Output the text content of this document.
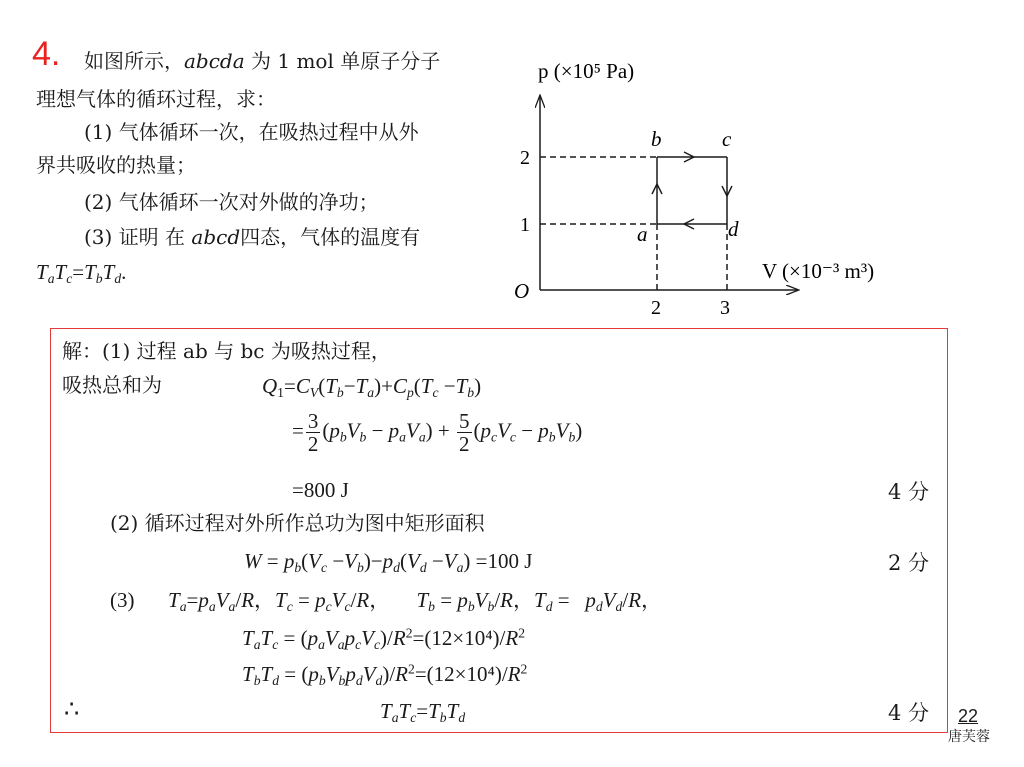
4. 如图所示，abcda 为 1 mol 单原子分子
理想气体的循环过程，求：
(1) 气体循环一次，在吸热过程中从外
界共吸收的热量；
(2) 气体循环一次对外做的净功；
(3) 证明 在 abcd四态，气体的温度有
$T_aT_c=T_bT_d$.
p (×10⁵ Pa)
V (×10⁻³ m³)
O
2
1
2	3
b	c
a	d
解：(1) 过程 ab 与 bc 为吸热过程，
吸热总和为	$Q_1=C_V(T_b-T_a)+C_p(T_c -T_b)$
= $\frac{3}{2} (p_bV_b - p_aV_a) + \frac{5}{2} (p_cV_c - p_bV_b)$
=800 J	4 分
(2) 循环过程对外所作总功为图中矩形面积
$W = p_b(V_c -V_b)-p_d(V_d -V_a) =100$ J	2 分
(3) $T_a=p_aV_a/R$，$T_c = p_cV_c/R$，     $T_b = p_bV_b/R$，$T_d = p_dV_d/R$，
$T_aT_c = (p_aV_ap_cV_c)/R^2=(12\times 10^4)/R^2$
$T_bT_d = (p_bV_bp_dV_d)/R^2=(12\times 10^4)/R^2$
∴	$T_aT_c=T_bT_d$	4 分 22
唐芙蓉
